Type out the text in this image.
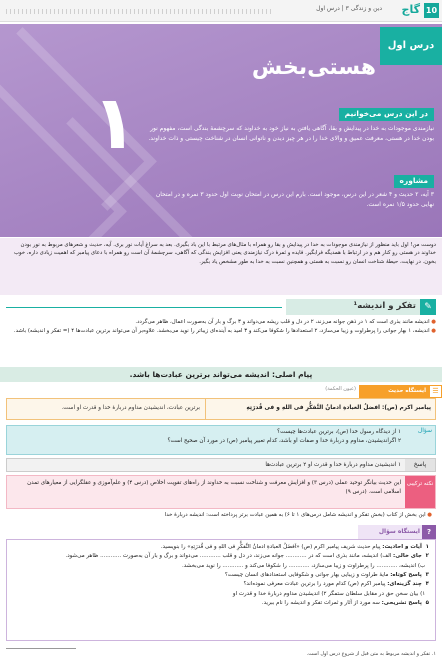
10
گاج
دین و زندگی ۳ | درس اول
درس اول
هستی‌بخش
۱	در این درس می‌خوانیم
نیازمندی موجودات به خدا در پیدایش و بقا، آگاهی یافتن به نیاز خود به خداوند که سرچشمهٔ بندگی است، مفهوم نور بودن خدا در هستی، معرفت عمیق و والای خدا را در هر چیز دیدن و ناتوانی انسان در شناخت چیستی و ذات خداوند.
مشاوره
۳ آیه، ۲ حدیث و ۴ شعر در این درس، موجود است. بارم این درس در امتحان نوبت اول حدود ۳ نمره و در امتحان نهایی حدود ۱/۵ نمره است.
دوست من! اول باید منظور از نیازمندی موجودات به خدا در پیدایش و بقا رو همراه با مثال‌های مرتبط با این باد بگیری. بعد به سراغ آیات نور بری. آیه، حدیث و شعرهای مربوط به نور بودن خداوند در هستی رو کنار هم و در ارتباط با همدیگه فرابگیر. فایده و ثمرهٔ درک نیازمندی یعنی افزایش بندگی که آگاهی، سرچشمهٔ آن است رو همراه با دعای پیامبر که اهمیت زیادی داره، خوب بخون. در نهایت، حیطهٔ شناخت انسان رو نسبت به هستی و همچنین نسبت به خدا به طور مشخص یاد بگیر.
✎
تفکر و اندیشه¹

● اندیشه مانند بذری است که ۱ در ذهن جوانه می‌زند، ۲ در دل و قلب ریشه می‌دواند و ۳ برگ و بار آن به‌صورت اعمال، ظاهر می‌گردد.

● اندیشه، ۱ بهار جوانی را پرطراوت و زیبا می‌سازد، ۲ استعدادها را شکوفا می‌کند و ۳ امید به آینده‌ای زیباتر را نوید می‌بخشد. علاوه‌بر آن می‌تواند برترین عبادت‌ها ۴ (= تفکر و اندیشه) باشد.

پیام اصلی: اندیشه می‌تواند برترین عبادت‌ها باشد.
☰
ایستگاه حدیث
(عیون الحکمة)
پیامبر اکرم (ص): افضلُ العبادةِ ادمانُ التَّفکُّرِ فی اللهِ و فی قُدرَتِهِ
برترین عبادت، اندیشیدن مداوم دربارهٔ خدا و قدرت او است.
سؤال

۱ از دیدگاه رسول خدا (ص)، برترین عبادت‌ها چیست؟

۲ اگراندیشیدن، مداوم و دربارهٔ خدا و صفات او باشد، کدام تعبیر پیامبر (ص) در مورد آن صحیح است؟

پاسخ
۱ اندیشیدن مداوم دربارهٔ خدا و قدرت او ۲ برترین عبادت‌ها
نکته ترکیبی
این حدیث بیانگر توحید عملی (درس ۳) و افزایش معرفت و شناخت نسبت به خداوند از راه‌های تقویت اخلاص (درس ۴) و علم‌آموزی و عقلگرایی از معیارهای تمدن اسلامی است. (درس ۹)
● این بخش از کتاب (بخش تفکر و اندیشه شامل درس‌های ۱ تا ۶) به همین عبادت برتر پرداخته است: اندیشه دربارهٔ خدا
?
ایستگاه سؤال

۱ آیات و احادیث: پیام حدیث شریف پیامبر اکرم (ص) «اَفضَلُ العبادةِ ادمانُ التَّفکُّرِ فی اللهِ و فی قُدرَتِهِ» را بنویسید.

۲ جای خالی: الف) اندیشه، مانند بذری است که در ............ جوانه می‌زند، در دل و قلب ............ می‌دواند و برگ و بار آن به‌صورت ............ ظاهر می‌شود.

ب) اندیشه، ............ را پرطراوت و زیبا می‌سازد، ............ را شکوفا می‌کند و ............ را نوید می‌بخشد.

۳ پاسخ کوتاه: مایهٔ طراوت و زیبایی بهار جوانی و شکوفایی استعدادهای انسان چیست؟

۴ چند گزینه‌ای: پیامبر اکرم (ص) کدام مورد را برترین عبادت معرفی نموده‌اند؟

۱) بیان سخن حق در مقابل سلطان ستمگر ۲) اندیشیدن مداوم دربارهٔ خدا و قدرت او

۵ پاسخ تشریحی: سه مورد از آثار و ثمرات تفکر و اندیشه را نام ببرید.

۱. تفکر و اندیشه مربوط به متن قبل از شروع درس اول است.
